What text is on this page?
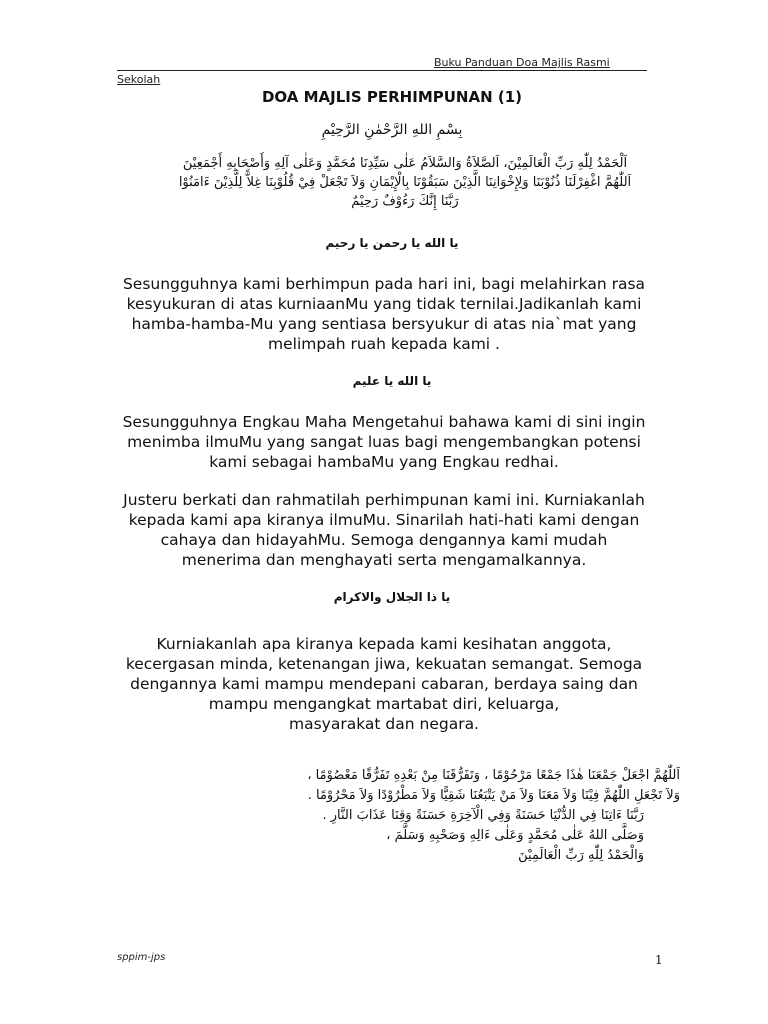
Buku Panduan Doa Majlis Rasmi
Sekolah
DOA MAJLIS PERHIMPUNAN (1)
بِسْمِ اللهِ الرَّحْمٰنِ الرَّحِيْمِ
اَلْحَمْدُ لِلّٰهِ رَبِّ الْعَالَمِيْنَ، اَلصَّلاَةُ وَالسَّلاَمُ عَلٰى سَيِّدِنَا مُحَمَّدٍ وَعَلٰى آلِهِ وَأَصْحَابِهِ أَجْمَعِيْنَ
اَللّٰهُمَّ اغْفِرْلَنَا ذُنُوْبَنَا وَلِإِخْوَانِنَا الَّذِيْنَ سَبَقُوْنَا بِالْإِيْمَانِ وَلاَ تَجْعَلْ فِيْ قُلُوْبِنَا غِلاًّ لِلَّذِيْنَ ءَامَنُوْا
رَبَّنَا إِنَّكَ رَءُوْفٌ رَحِيْمٌ
يا الله يا رحمن يا رحيم
Sesungguhnya kami berhimpun pada hari ini, bagi melahirkan rasa
kesyukuran di atas kurniaanMu yang tidak ternilai.Jadikanlah kami
hamba-hamba-Mu yang sentiasa bersyukur di atas nia`mat yang
melimpah ruah kepada kami .
يا الله يا عليم
Sesungguhnya Engkau Maha Mengetahui bahawa kami di sini ingin
menimba ilmuMu yang sangat luas bagi mengembangkan potensi
kami sebagai hambaMu yang Engkau redhai.
Justeru berkati dan rahmatilah perhimpunan kami ini. Kurniakanlah
kepada kami apa kiranya ilmuMu. Sinarilah hati-hati kami dengan
cahaya dan hidayahMu. Semoga dengannya kami mudah
menerima dan menghayati serta mengamalkannya.
يا ذا الجلال والاكرام
Kurniakanlah apa kiranya kepada kami kesihatan anggota,
kecergasan minda, ketenangan jiwa, kekuatan semangat. Semoga
dengannya kami mampu mendepani cabaran, berdaya saing dan
mampu mengangkat martabat diri, keluarga,
masyarakat dan negara.
اَللّٰهُمَّ اجْعَلْ جَمْعَنَا هٰذَا جَمْعًا مَرْحُوْمًا ، وَتَفَرُّقَنَا مِنْ بَعْدِهِ تَفَرُّقًا مَعْصُوْمًا ،
وَلاَ تَجْعَلِ اللّٰهُمَّ فِيْنَا وَلاَ مَعَنَا وَلاَ مَنْ يَتْبَعُنَا شَقِيًّا وَلاَ مَطْرُوْدًا وَلاَ مَحْرُوْمًا .
رَبَّنَا ءَاتِنَا فِي الدُّنْيَا حَسَنَةً وَفِي الْآخِرَةِ حَسَنَةً وَقِنَا عَذَابَ النَّارِ .
وَصَلَّى اللهُ عَلٰى مُحَمَّدٍ وَعَلٰى ءَالِهِ وَصَحْبِهِ وَسَلَّمَ ،
وَالْحَمْدُ لِلّٰهِ رَبِّ الْعَالَمِيْنَ
sppim-jps	1
